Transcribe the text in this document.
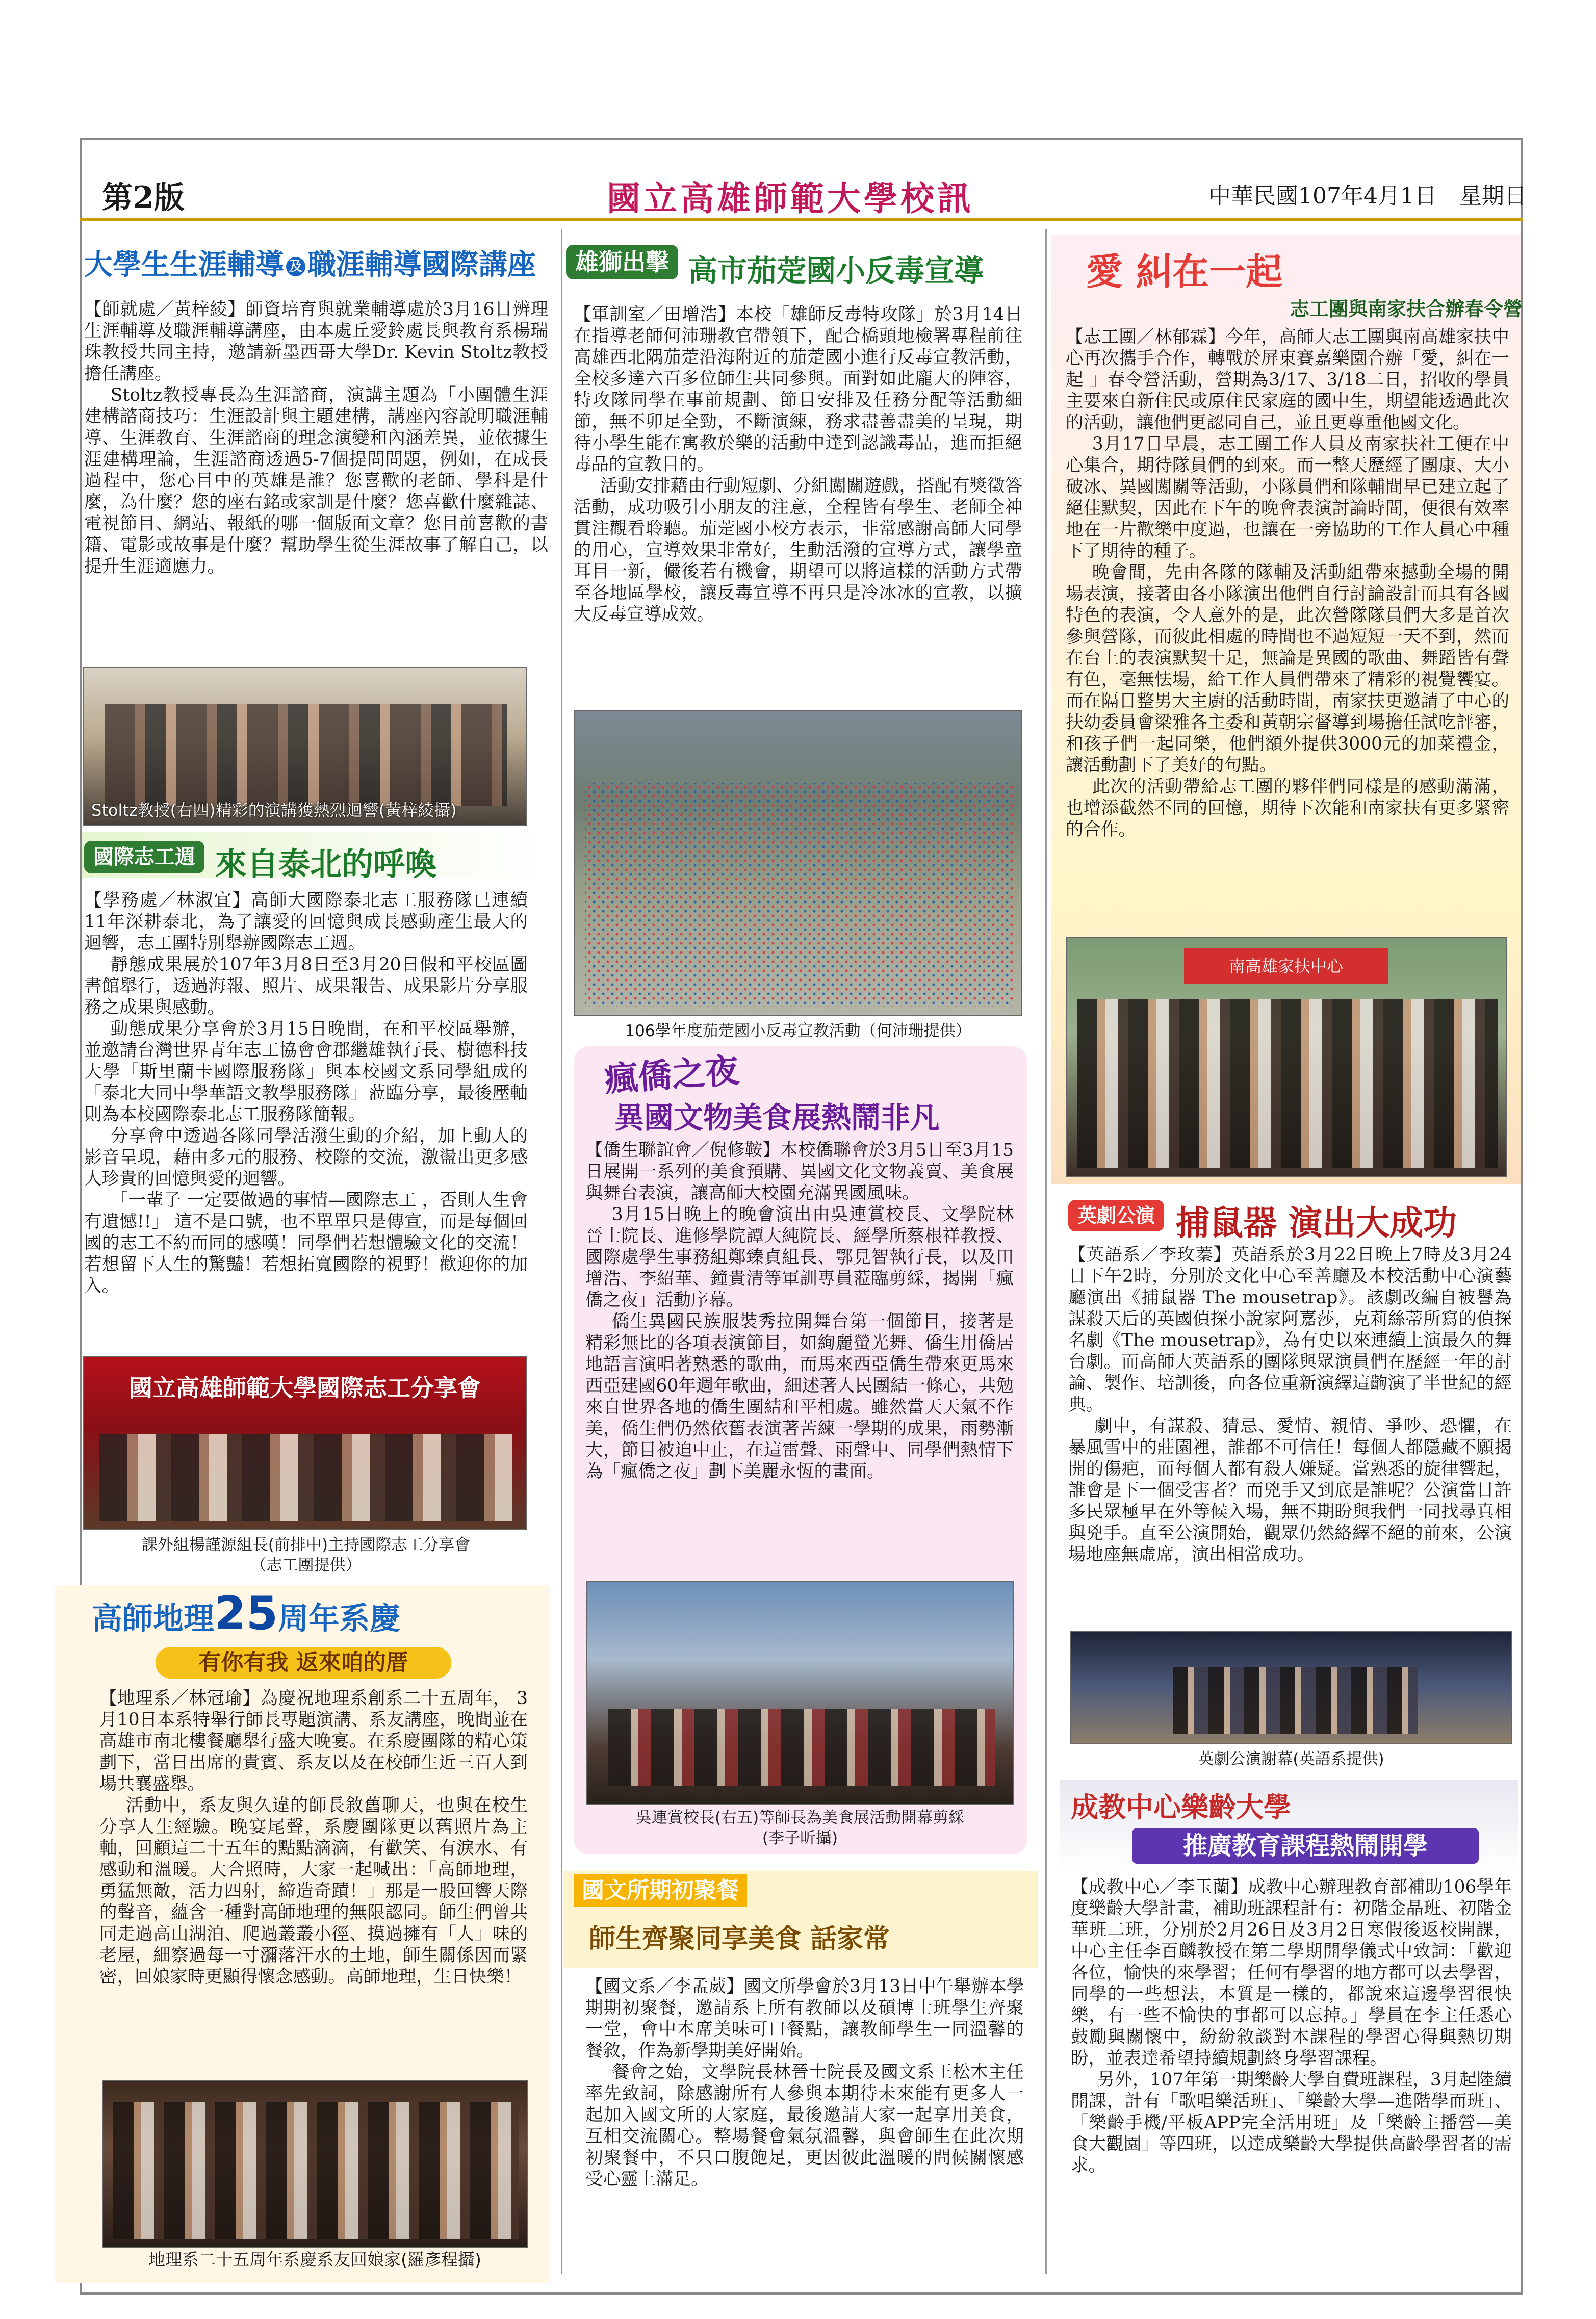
第2版	國立高雄師範大學校訊	中華民國107年4月1日　星期日
大學生生涯輔導 及 職涯輔導國際講座

【師就處／黃梓綾】師資培育與就業輔導處於3月16日辨理生涯輔導及職涯輔導講座，由本處丘愛鈴處長與教育系楊瑞珠教授共同主持，邀請新墨西哥大學Dr. Kevin Stoltz教授擔任講座。

Stoltz教授專長為生涯諮商，演講主題為「小團體生涯建構諮商技巧：生涯設計與主題建構，講座內容說明職涯輔導、生涯教育、生涯諮商的理念演變和內涵差異，並依據生涯建構理論，生涯諮商透過5-7個提問問題，例如，在成長過程中，您心目中的英雄是誰？您喜歡的老師、學科是什麼，為什麼？您的座右銘或家訓是什麼？您喜歡什麼雜誌、電視節目、網站、報紙的哪一個版面文章？您目前喜歡的書籍、電影或故事是什麼？幫助學生從生涯故事了解自己，以提升生涯適應力。

Stoltz教授(右四)精彩的演講獲熱烈迴響(黃梓綾攝)
國際志工週 來自泰北的呼喚

【學務處／林淑宜】高師大國際泰北志工服務隊已連續11年深耕泰北，為了讓愛的回憶與成長感動產生最大的迴響，志工團特別舉辦國際志工週。

靜態成果展於107年3月8日至3月20日假和平校區圖書館舉行，透過海報、照片、成果報告、成果影片分享服務之成果與感動。

動態成果分享會於3月15日晚間，在和平校區舉辦，並邀請台灣世界青年志工協會會郡繼雄執行長、樹德科技大學「斯里蘭卡國際服務隊」與本校國文系同學組成的「泰北大同中學華語文教學服務隊」蒞臨分享，最後壓軸則為本校國際泰北志工服務隊簡報。

分享會中透過各隊同學活潑生動的介紹，加上動人的影音呈現，藉由多元的服務、校際的交流，激盪出更多感人珍貴的回憶與愛的迴響。

「一輩子 一定要做過的事情—國際志工 ，否則人生會有遺憾!!」 這不是口號，也不單單只是傳宣，而是每個回國的志工不約而同的感嘆！同學們若想體驗文化的交流！若想留下人生的驚豔！若想拓寬國際的視野！歡迎你的加入。

國立高雄師範大學國際志工分享會
課外組楊謹源組長(前排中)主持國際志工分享會
（志工團提供）
高師地理25周年系慶
有你有我 返來咱的厝

【地理系／林冠瑜】為慶祝地理系創系二十五周年， 3月10日本系特舉行師長專題演講、系友講座，晚間並在高雄市南北樓餐廳舉行盛大晚宴。在系慶團隊的精心策劃下，當日出席的貴賓、系友以及在校師生近三百人到場共襄盛舉。

活動中，系友與久違的師長敘舊聊天，也與在校生分享人生經驗。晚宴尾聲，系慶團隊更以舊照片為主軸，回顧這二十五年的點點滴滴，有歡笑、有淚水、有感動和溫暖。大合照時，大家一起喊出：「高師地理，勇猛無敵，活力四射，締造奇蹟！」那是一股回響天際的聲音，蘊含一種對高師地理的無限認同。師生們曾共同走過高山湖泊、爬過叢叢小徑、摸過擁有「人」味的老屋，細察過每一寸瀰落汗水的土地，師生關係因而緊密，回娘家時更顯得懷念感動。高師地理，生日快樂！

地理系二十五周年系慶系友回娘家(羅彥程攝)
雄獅出擊 高市茄萣國小反毒宣導

【軍訓室／田增浩】本校「雄師反毒特攻隊」於3月14日在指導老師何沛珊教官帶領下，配合橋頭地檢署專程前往高雄西北隅茄萣沿海附近的茄萣國小進行反毒宣教活動，全校多達六百多位師生共同參與。面對如此龐大的陣容，特攻隊同學在事前規劃、節目安排及任務分配等活動細節，無不卯足全勁，不斷演練，務求盡善盡美的呈現，期待小學生能在寓教於樂的活動中達到認識毒品，進而拒絕毒品的宣教目的。

活動安排藉由行動短劇、分組闖關遊戲，搭配有獎徵答活動，成功吸引小朋友的注意，全程皆有學生、老師全神貫注觀看聆聽。茄萣國小校方表示，非常感謝高師大同學的用心，宣導效果非常好，生動活潑的宣導方式，讓學童耳目一新，儼後若有機會，期望可以將這樣的活動方式帶至各地區學校，讓反毒宣導不再只是冷冰冰的宣教，以擴大反毒宣導成效。

106學年度茄萣國小反毒宣教活動（何沛珊提供）
瘋僑之夜
異國文物美食展熱鬧非凡

【僑生聯誼會／倪修鞍】本校僑聯會於3月5日至3月15日展開一系列的美食預購、異國文化文物義賣、美食展與舞台表演，讓高師大校園充滿異國風味。

3月15日晚上的晚會演出由吳連賞校長、文學院林晉士院長、進修學院譚大純院長、經學所蔡根祥教授、國際處學生事務組鄭臻貞組長、鄂見智執行長，以及田增浩、李紹華、鐘貴清等軍訓專員蒞臨剪綵，揭開「瘋僑之夜」活動序幕。

僑生異國民族服裝秀拉開舞台第一個節目，接著是精彩無比的各項表演節目，如絢麗螢光舞、僑生用僑居地語言演唱著熟悉的歌曲，而馬來西亞僑生帶來更馬來西亞建國60年週年歌曲，細述著人民團結一條心，共勉來自世界各地的僑生團結和平相處。雖然當天天氣不作美，僑生們仍然依舊表演著苦練一學期的成果，雨勢漸大，節目被迫中止，在這雷聲、雨聲中、同學們熱情下為「瘋僑之夜」劃下美麗永恆的畫面。

吳連賞校長(右五)等師長為美食展活動開幕剪綵
(李子昕攝)
國文所期初聚餐
師生齊聚同享美食 話家常

【國文系／李孟葳】國文所學會於3月13日中午舉辦本學期期初聚餐，邀請系上所有教師以及碩博士班學生齊聚一堂，會中本席美味可口餐點，讓教師學生一同溫馨的餐敘，作為新學期美好開始。

餐會之始，文學院長林晉士院長及國文系王松木主任率先致詞，除感謝所有人參與本期待未來能有更多人一起加入國文所的大家庭，最後邀請大家一起享用美食，互相交流關心。整場餐會氣氛溫馨，與會師生在此次期初聚餐中，不只口腹飽足，更因彼此溫暖的問候關懷感受心靈上滿足。

愛 糾在一起
志工團與南家扶合辦春令營

【志工團／林郁霖】今年，高師大志工團與南高雄家扶中心再次攜手合作，轉戰於屏東賽嘉樂園合辦「愛，糾在一起 」春令營活動，營期為3/17、3/18二日，招收的學員主要來自新住民或原住民家庭的國中生，期望能透過此次的活動，讓他們更認同自己，並且更尊重他國文化。

3月17日早晨，志工團工作人員及南家扶社工便在中心集合，期待隊員們的到來。而一整天歷經了團康、大小破冰、異國闖關等活動，小隊員們和隊輔間早已建立起了絕佳默契，因此在下午的晚會表演討論時間，便很有效率地在一片歡樂中度過，也讓在一旁協助的工作人員心中種下了期待的種子。

晚會間，先由各隊的隊輔及活動組帶來撼動全場的開場表演，接著由各小隊演出他們自行討論設計而具有各國特色的表演，令人意外的是，此次營隊隊員們大多是首次參與營隊，而彼此相處的時間也不過短短一天不到，然而在台上的表演默契十足，無論是異國的歌曲、舞蹈皆有聲有色，毫無怯場，給工作人員們帶來了精彩的視覺饗宴。而在隔日整男大主廚的活動時間，南家扶更邀請了中心的扶幼委員會梁雅各主委和黃朝宗督導到場擔任試吃評審，和孩子們一起同樂，他們額外提供3000元的加菜禮金，讓活動劃下了美好的句點。

此次的活動帶給志工團的夥伴們同樣是的感動滿滿，也增添截然不同的回憶，期待下次能和南家扶有更多緊密的合作。

南高雄家扶中心
英劇公演 捕鼠器 演出大成功

【英語系／李玫蓁】英語系於3月22日晚上7時及3月24日下午2時，分別於文化中心至善廳及本校活動中心演藝廳演出《捕鼠器 The mousetrap》。該劇改編自被譽為謀殺天后的英國偵探小說家阿嘉莎，克莉絲蒂所寫的偵探名劇《The mousetrap》，為有史以來連續上演最久的舞台劇。而高師大英語系的團隊與眾演員們在歷經一年的討論、製作、培訓後，向各位重新演繹這齣演了半世紀的經典。

劇中，有謀殺、猜忌、愛情、親情、爭吵、恐懼，在暴風雪中的莊園裡，誰都不可信任！每個人都隱藏不願揭開的傷疤，而每個人都有殺人嫌疑。當熟悉的旋律響起，誰會是下一個受害者？而兇手又到底是誰呢？公演當日許多民眾極早在外等候入場，無不期盼與我們一同找尋真相與兇手。直至公演開始，觀眾仍然絡繹不絕的前來，公演場地座無虛席，演出相當成功。

英劇公演謝幕(英語系提供)
成教中心樂齡大學
推廣教育課程熱鬧開學

【成教中心／李玉蘭】成教中心辦理教育部補助106學年度樂齡大學計畫，補助班課程計有：初階金晶班、初階金華班二班，分別於2月26日及3月2日寒假後返校開課，中心主任李百麟教授在第二學期開學儀式中致詞：「歡迎各位，愉快的來學習；任何有學習的地方都可以去學習，同學的一些想法，本質是一樣的，都說來這邊學習很快樂，有一些不愉快的事都可以忘掉。」學員在李主任悉心鼓勵與關懷中，紛紛敘談對本課程的學習心得與熱切期盼，並表達希望持續規劃終身學習課程。

另外，107年第一期樂齡大學自費班課程，3月起陸續開課，計有「歌唱樂活班」、「樂齡大學—進階學而班」、「樂齡手機/平板APP完全活用班」及「樂齡主播營—美食大觀園」等四班，以達成樂齡大學提供高齡學習者的需求。
